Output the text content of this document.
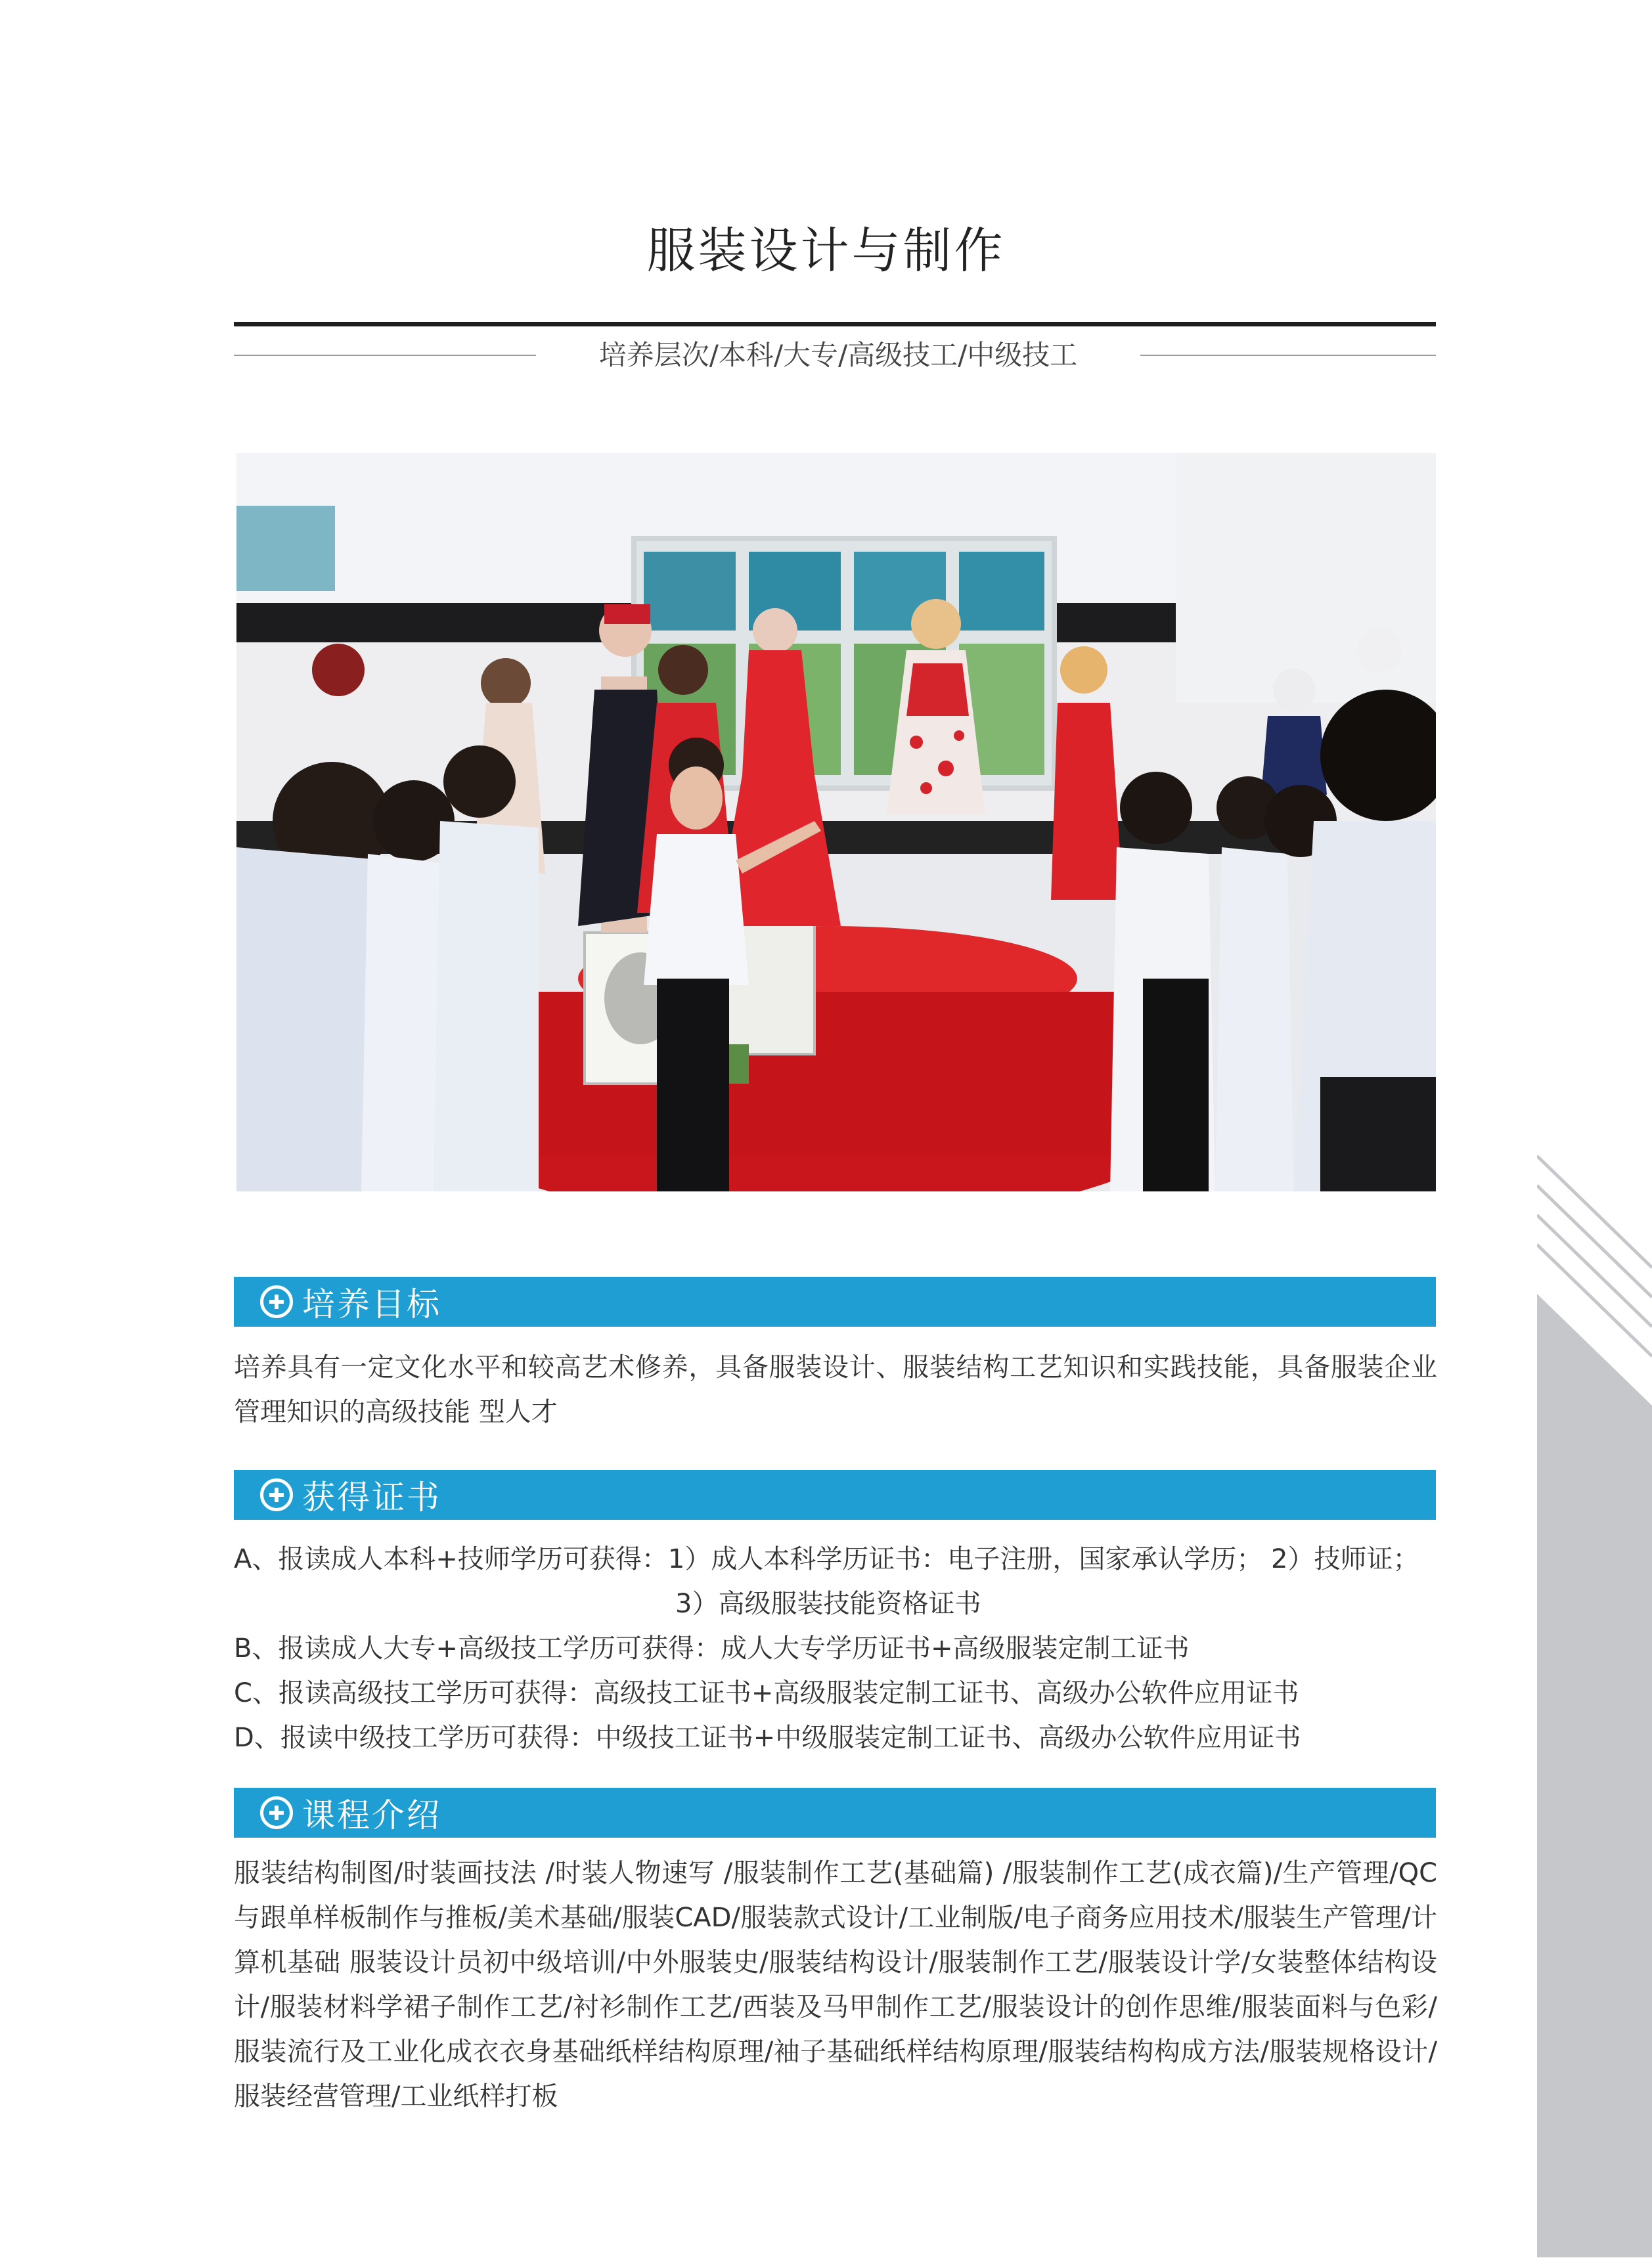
服装设计与制作
培养层次/本科/大专/高级技工/中级技工
培养目标
培养具有一定文化水平和较高艺术修养，具备服装设计、服装结构工艺知识和实践技能，具备服装企业管理知识的高级技能 型人才
获得证书
A、报读成人本科+技师学历可获得：1）成人本科学历证书：电子注册，国家承认学历； 2）技师证；
3）高级服装技能资格证书
B、报读成人大专+高级技工学历可获得：成人大专学历证书+高级服装定制工证书
C、报读高级技工学历可获得：高级技工证书+高级服装定制工证书、高级办公软件应用证书
D、报读中级技工学历可获得：中级技工证书+中级服装定制工证书、高级办公软件应用证书
课程介绍
服装结构制图/时装画技法 /时装人物速写 /服装制作工艺(基础篇) /服装制作工艺(成衣篇)/生产管理/QC与跟单样板制作与推板/美术基础/服装CAD/服装款式设计/工业制版/电子商务应用技术/服装生产管理/计算机基础 服装设计员初中级培训/中外服装史/服装结构设计/服装制作工艺/服装设计学/女装整体结构设计/服装材料学裙子制作工艺/衬衫制作工艺/西装及马甲制作工艺/服装设计的创作思维/服装面料与色彩/服装流行及工业化成衣衣身基础纸样结构原理/袖子基础纸样结构原理/服装结构构成方法/服装规格设计/服装经营管理/工业纸样打板
